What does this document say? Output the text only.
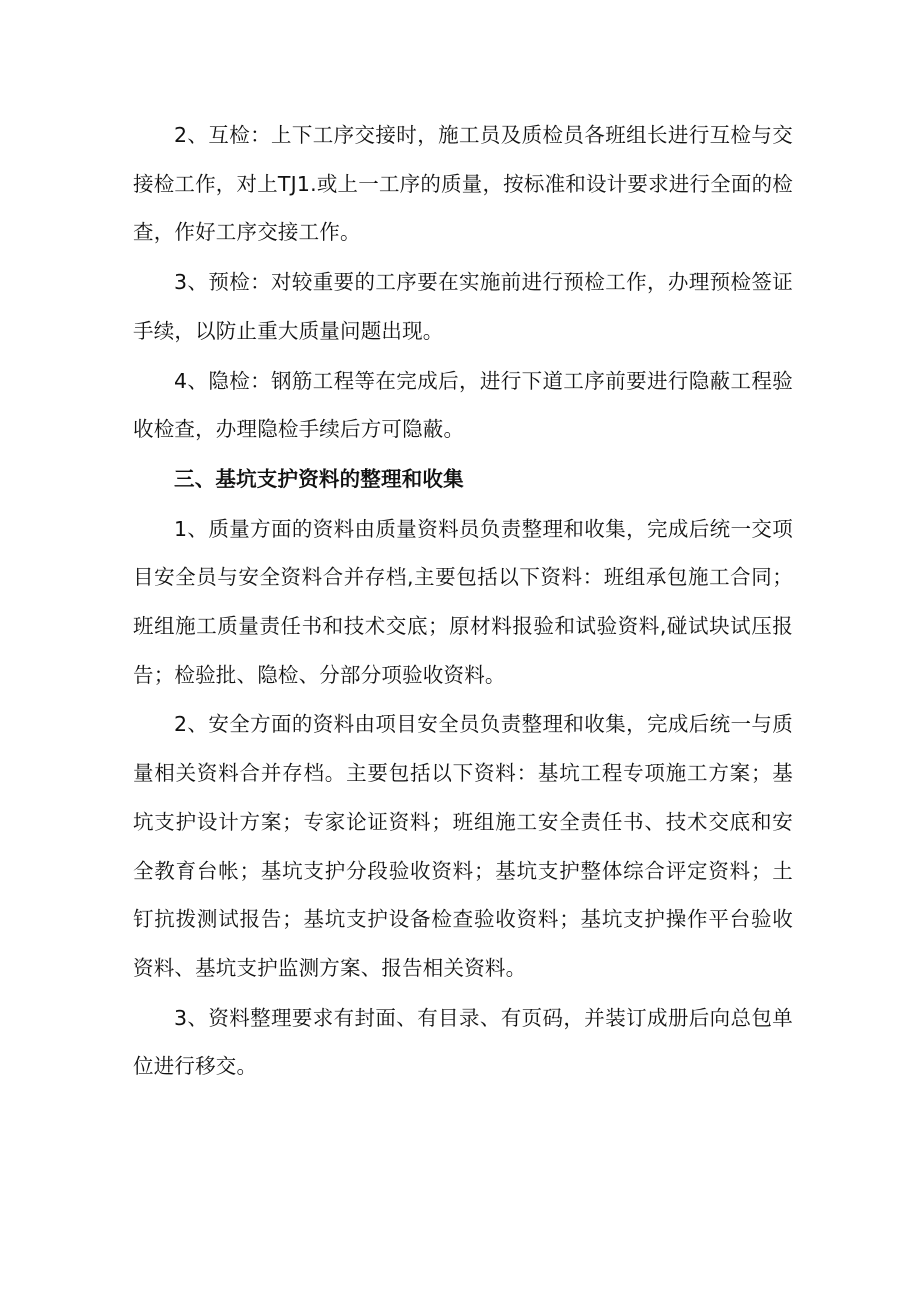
2、互检：上下工序交接时，施工员及质检员各班组长进行互检与交接检工作，对上TJ1.或上一工序的质量，按标准和设计要求进行全面的检查，作好工序交接工作。

3、预检：对较重要的工序要在实施前进行预检工作，办理预检签证手续，以防止重大质量问题出现。

4、隐检：钢筋工程等在完成后，进行下道工序前要进行隐蔽工程验收检查，办理隐检手续后方可隐蔽。

三、基坑支护资料的整理和收集

1、质量方面的资料由质量资料员负责整理和收集，完成后统一交项目安全员与安全资料合并存档,主要包括以下资料：班组承包施工合同；班组施工质量责任书和技术交底；原材料报验和试验资料,碰试块试压报告；检验批、隐检、分部分项验收资料。

2、安全方面的资料由项目安全员负责整理和收集，完成后统一与质量相关资料合并存档。主要包括以下资料：基坑工程专项施工方案；基坑支护设计方案；专家论证资料；班组施工安全责任书、技术交底和安全教育台帐；基坑支护分段验收资料；基坑支护整体综合评定资料；土钉抗拨测试报告；基坑支护设备检查验收资料；基坑支护操作平台验收资料、基坑支护监测方案、报告相关资料。

3、资料整理要求有封面、有目录、有页码，并装订成册后向总包单位进行移交。
